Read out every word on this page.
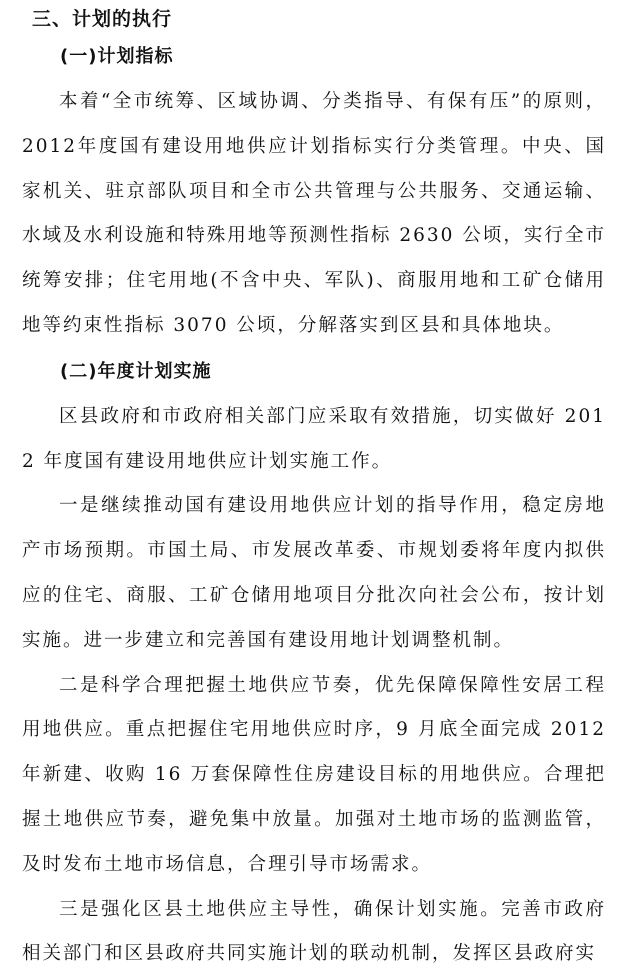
三、计划的执行
(一)计划指标

本着“全市统筹、区域协调、分类指导、有保有压”的原则，2012年度国有建设用地供应计划指标实行分类管理。中央、国家机关、驻京部队项目和全市公共管理与公共服务、交通运输、水域及水利设施和特殊用地等预测性指标 2630 公顷，实行全市统筹安排；住宅用地(不含中央、军队)、商服用地和工矿仓储用地等约束性指标 3070 公顷，分解落实到区县和具体地块。

(二)年度计划实施

区县政府和市政府相关部门应采取有效措施，切实做好 2012 年度国有建设用地供应计划实施工作。

一是继续推动国有建设用地供应计划的指导作用，稳定房地产市场预期。市国土局、市发展改革委、市规划委将年度内拟供应的住宅、商服、工矿仓储用地项目分批次向社会公布，按计划实施。进一步建立和完善国有建设用地计划调整机制。

二是科学合理把握土地供应节奏，优先保障保障性安居工程用地供应。重点把握住宅用地供应时序，9 月底全面完成 2012 年新建、收购 16 万套保障性住房建设目标的用地供应。合理把握土地供应节奏，避免集中放量。加强对土地市场的监测监管，及时发布土地市场信息，合理引导市场需求。

三是强化区县土地供应主导性，确保计划实施。完善市政府相关部门和区县政府共同实施计划的联动机制，发挥区县政府实
